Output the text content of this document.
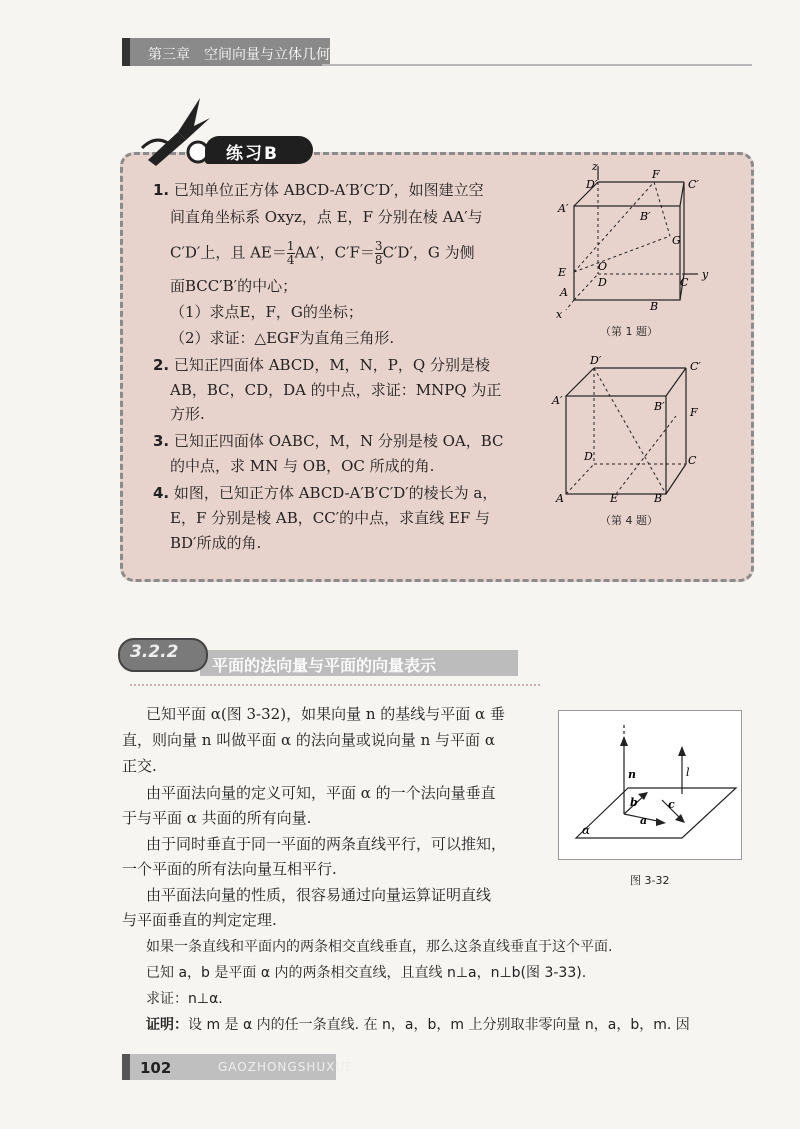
第三章　空间向量与立体几何
练习B
1. 已知单位正方体 ABCD-A′B′C′D′，如图建立空
间直角坐标系 Oxyz，点 E，F 分别在棱 AA′与
C′D′上，且 $AE= \frac{1}{4} AA'$，$C'F= \frac{3}{8} C'D'$，G 为侧
面BCC′B′的中心；
（1）求点E，F，G的坐标；
（2）求证：△EGF为直角三角形.
2. 已知正四面体 ABCD，M，N，P，Q 分别是棱
AB，BC，CD，DA 的中点，求证：MNPQ 为正
方形.
3. 已知正四面体 OABC，M，N 分别是棱 OA，BC
的中点，求 MN 与 OB，OC 所成的角.
4. 如图，已知正方体 ABCD-A′B′C′D′的棱长为 a，
E，F 分别是棱 AB，CC′的中点，求直线 EF 与
BD′所成的角.
z
D′
F
C′
A′
B′
G
E	O
D	C
y
A
B
x
（第 1 题）
D′	C′
A′	B′ F
D	C
A	E	B
（第 4 题）
3.2.2
平面的法向量与平面的向量表示
已知平面 α(图 3-32)，如果向量 n 的基线与平面 α 垂
直，则向量 n 叫做平面 α 的法向量或说向量 n 与平面 α
正交.
由平面法向量的定义可知，平面 α 的一个法向量垂直
于与平面 α 共面的所有向量.
由于同时垂直于同一平面的两条直线平行，可以推知，
一个平面的所有法向量互相平行.
由平面法向量的性质，很容易通过向量运算证明直线
与平面垂直的判定定理.
如果一条直线和平面内的两条相交直线垂直，那么这条直线垂直于这个平面.
已知 a，b 是平面 α 内的两条相交直线，且直线 n⊥a，n⊥b(图 3-33).
求证：n⊥α.
证明：设 m 是 α 内的任一条直线. 在 n，a，b，m 上分别取非零向量 n，a，b，m. 因
n	l
b	c
a
α
图 3-32
102	GAOZHONGSHUXUE
